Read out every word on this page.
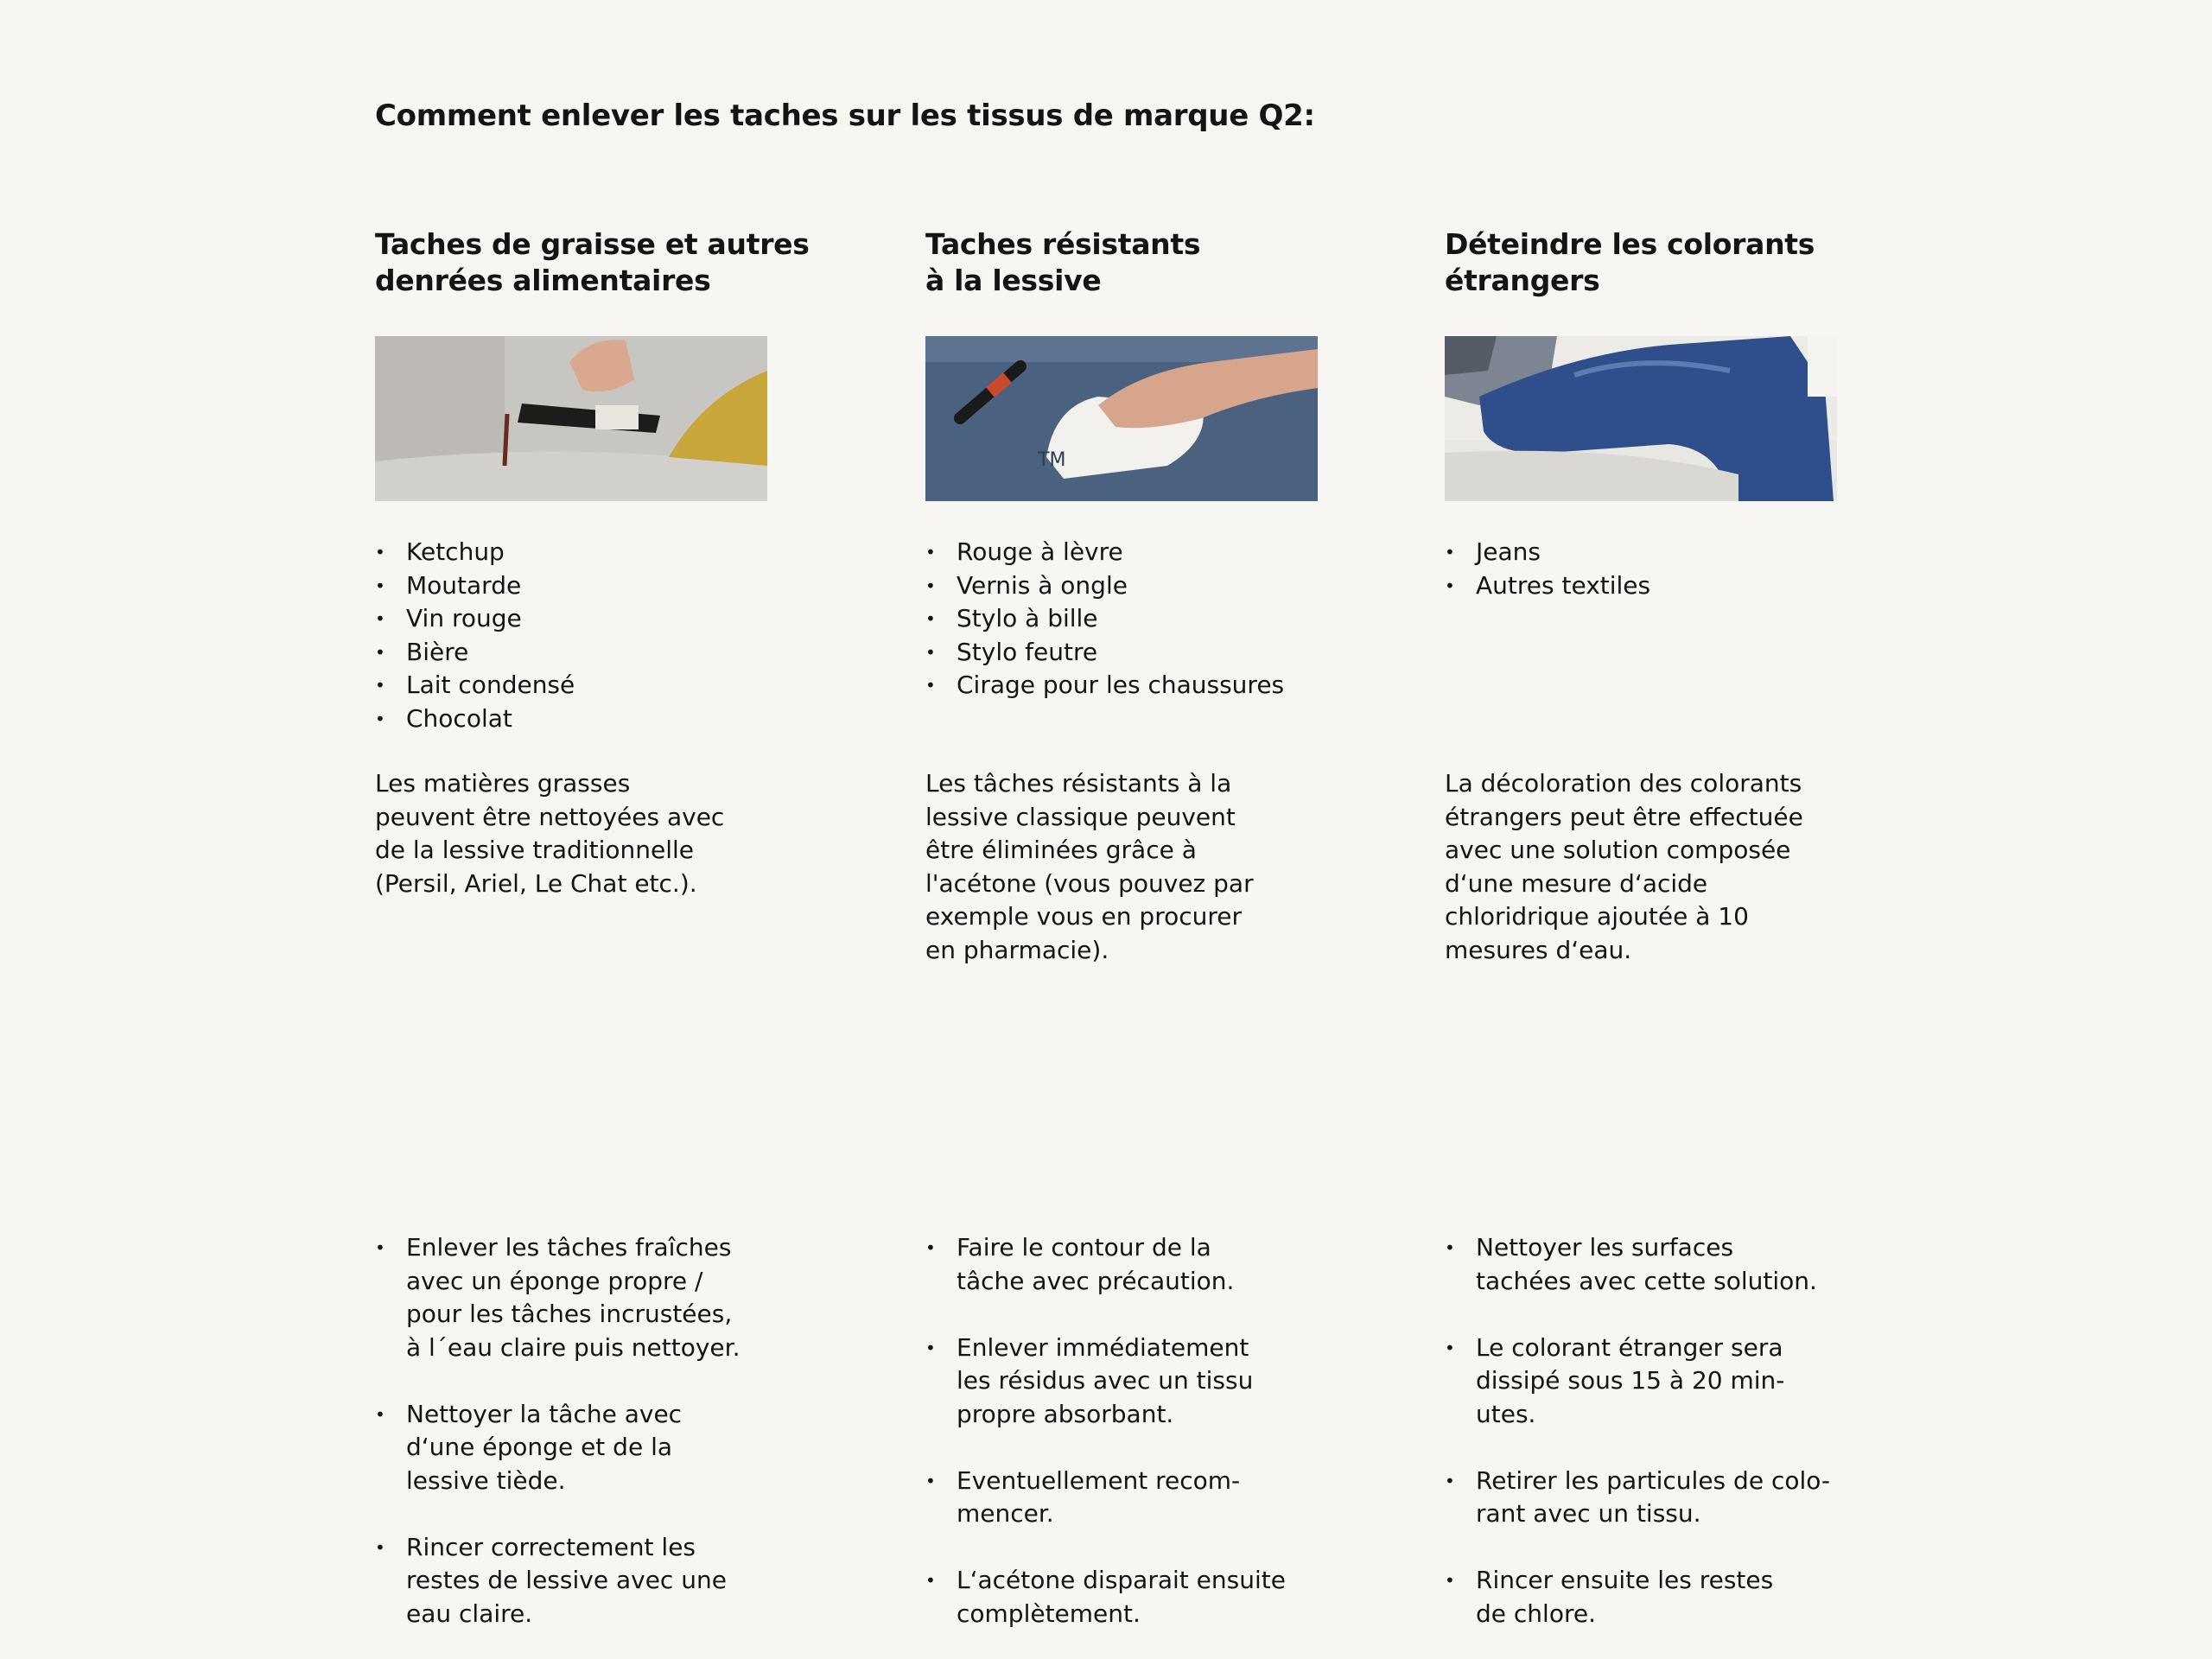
Comment enlever les taches sur les tissus de marque Q2:
Taches de graisse et autres
denrées alimentaires
• Ketchup
• Moutarde
• Vin rouge
• Bière
• Lait condensé
• Chocolat

Les matières grasses
peuvent être nettoyées avec
de la lessive traditionnelle
(Persil, Ariel, Le Chat etc.).

• Enlever les tâches fraîches
avec un éponge propre /
pour les tâches incrustées,
à l´eau claire puis nettoyer.
• Nettoyer la tâche avec
d‘une éponge et de la
lessive tiède.
• Rincer correctement les
restes de lessive avec une
eau claire.
Taches résistants
à la lessive
TM
• Rouge à lèvre
• Vernis à ongle
• Stylo à bille
• Stylo feutre
• Cirage pour les chaussures

Les tâches résistants à la
lessive classique peuvent
être éliminées grâce à
l'acétone (vous pouvez par
exemple vous en procurer
en pharmacie).

• Faire le contour de la
tâche avec précaution.
• Enlever immédiatement
les résidus avec un tissu
propre absorbant.
• Eventuellement recom-
mencer.
• L‘acétone disparait ensuite
complètement.
Déteindre les colorants
étrangers
• Jeans
• Autres textiles

La décoloration des colorants
étrangers peut être effectuée
avec une solution composée
d‘une mesure d‘acide
chloridrique ajoutée à 10
mesures d‘eau.

• Nettoyer les surfaces
tachées avec cette solution.
• Le colorant étranger sera
dissipé sous 15 à 20 min-
utes.
• Retirer les particules de colo-
rant avec un tissu.
• Rincer ensuite les restes
de chlore.
